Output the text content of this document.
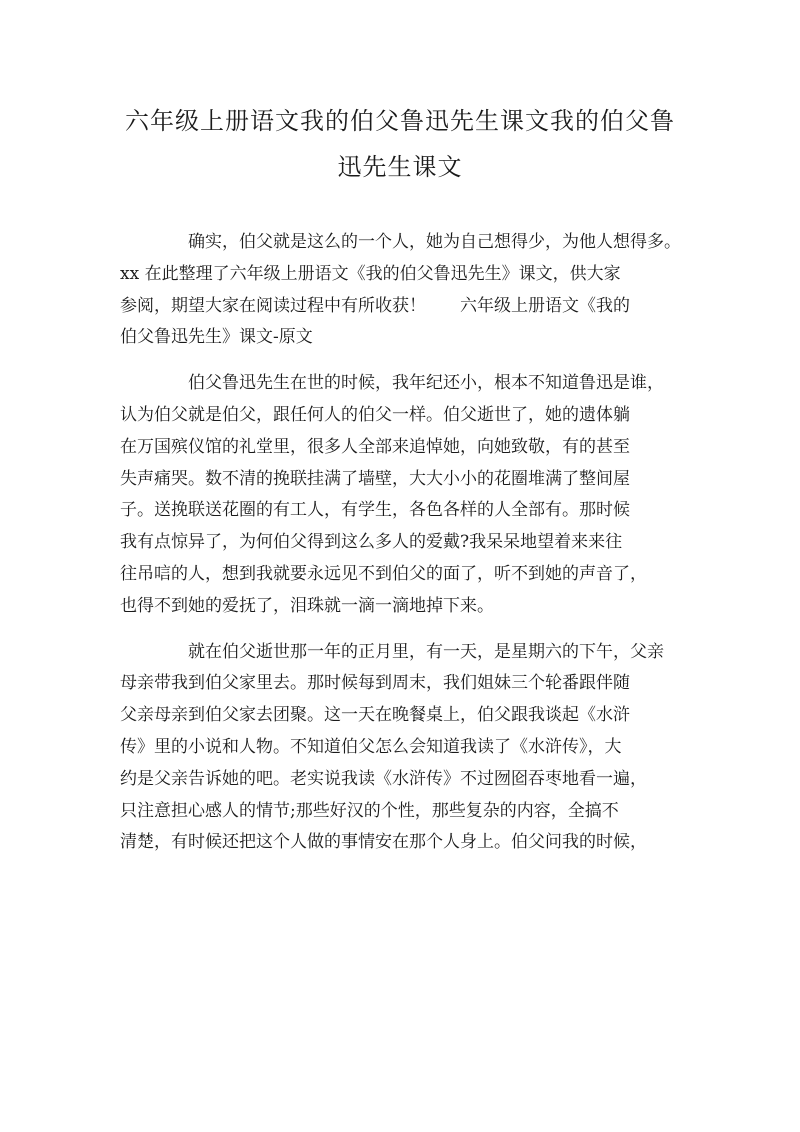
六年级上册语文我的伯父鲁迅先生课文我的伯父鲁
迅先生课文

确实，伯父就是这么的一个人，她为自己想得少，为他人想得多。
xx 在此整理了六年级上册语文《我的伯父鲁迅先生》课文，供大家
参阅，期望大家在阅读过程中有所收获！　　六年级上册语文《我的
伯父鲁迅先生》课文-原文

伯父鲁迅先生在世的时候，我年纪还小，根本不知道鲁迅是谁，
认为伯父就是伯父，跟任何人的伯父一样。伯父逝世了，她的遗体躺
在万国殡仪馆的礼堂里，很多人全部来追悼她，向她致敬，有的甚至
失声痛哭。数不清的挽联挂满了墙壁，大大小小的花圈堆满了整间屋
子。送挽联送花圈的有工人，有学生，各色各样的人全部有。那时候
我有点惊异了，为何伯父得到这么多人的爱戴?我呆呆地望着来来往
往吊唁的人，想到我就要永远见不到伯父的面了，听不到她的声音了，
也得不到她的爱抚了，泪珠就一滴一滴地掉下来。

就在伯父逝世那一年的正月里，有一天，是星期六的下午，父亲
母亲带我到伯父家里去。那时候每到周末，我们姐妹三个轮番跟伴随
父亲母亲到伯父家去团聚。这一天在晚餐桌上，伯父跟我谈起《水浒
传》里的小说和人物。不知道伯父怎么会知道我读了《水浒传》，大
约是父亲告诉她的吧。老实说我读《水浒传》不过囫囵吞枣地看一遍，
只注意担心感人的情节;那些好汉的个性，那些复杂的内容，全搞不
清楚，有时候还把这个人做的事情安在那个人身上。伯父问我的时候，
